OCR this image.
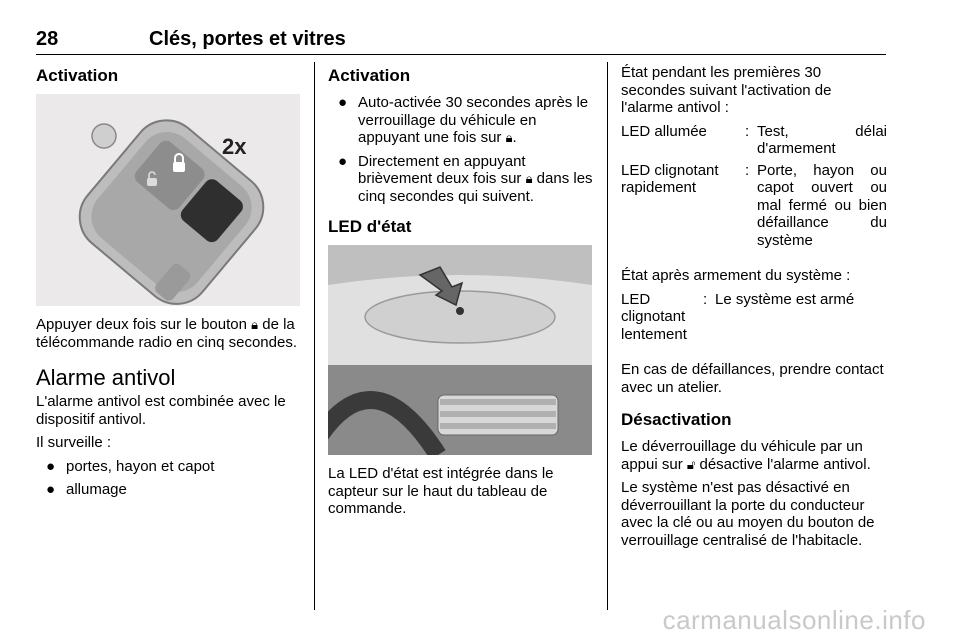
28	Clés, portes et vitres
Activation
2x

Appuyer deux fois sur le bouton 🔒︎ de la télécommande radio en cinq secondes.

Alarme antivol

L'alarme antivol est combinée avec le dispositif antivol.

Il surveille :

● portes, hayon et capot
● allumage
Activation
● Auto-activée 30 secondes après le verrouillage du véhicule en appuyant une fois sur 🔒︎.
● Directement en appuyant brièvement deux fois sur 🔒︎ dans les cinq secondes qui suivent.
LED d'état

La LED d'état est intégrée dans le capteur sur le haut du tableau de commande.

État pendant les premières 30 secondes suivant l'activation de l'alarme antivol :

LED allumée	: Test, délai d'armement
LED clignotant rapidement
: Porte, hayon ou capot ouvert ou mal fermé ou bien défaillance du système

État après armement du système :

LED clignotant lentement
: Le système est armé

En cas de défaillances, prendre contact avec un atelier.

Désactivation

Le déverrouillage du véhicule par un appui sur 🔓︎ désactive l'alarme antivol.

Le système n'est pas désactivé en déverrouillant la porte du conducteur avec la clé ou au moyen du bouton de verrouillage centralisé de l'habitacle.

carmanualsonline.info
